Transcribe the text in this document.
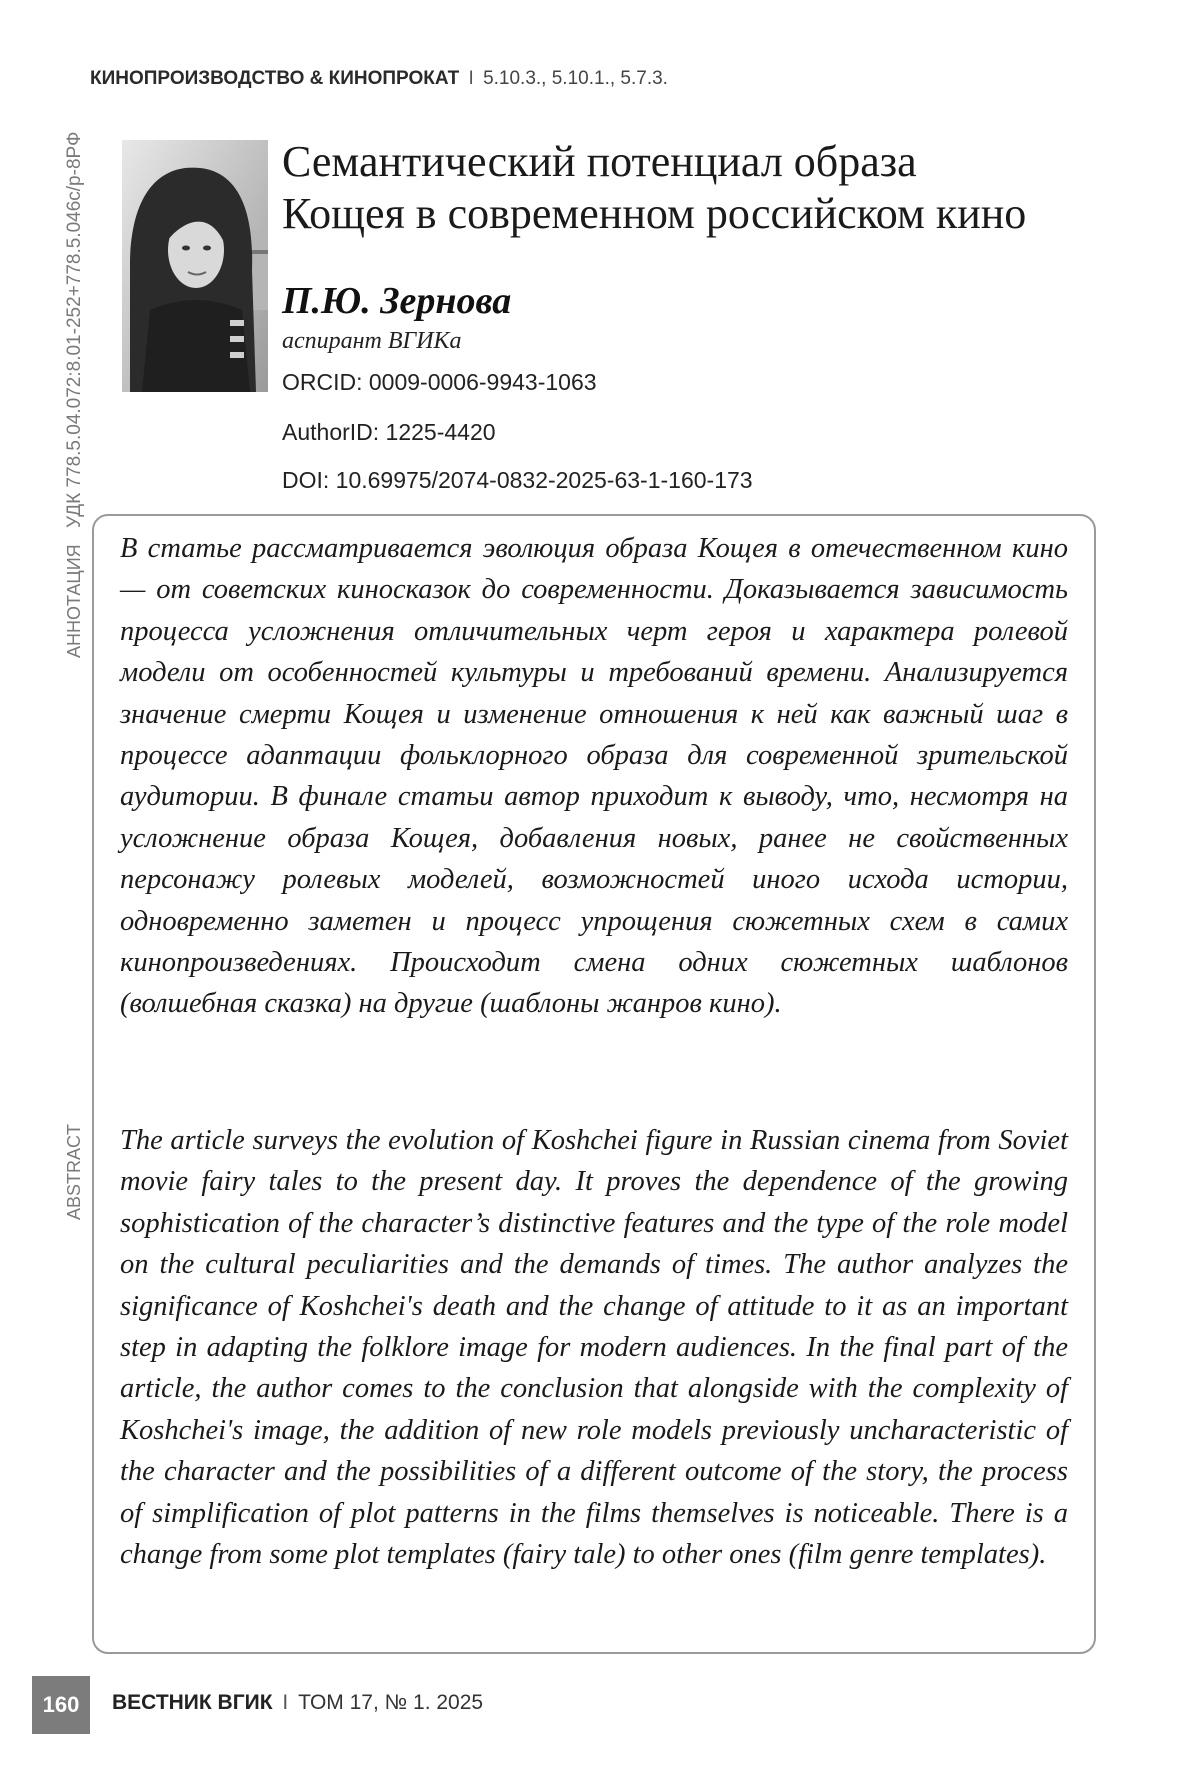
КИНОПРОИЗВОДСТВО & КИНОПРОКАТ I 5.10.3., 5.10.1., 5.7.3.
УДК 778.5.04.072:8.01-252+778.5.046с/р-8РФ
АННОТАЦИЯ
ABSTRACT
Семантический потенциал образа
Кощея в современном российском кино
П.Ю. Зернова
аспирант ВГИКа
ORCID: 0009-0006-9943-1063
AuthorID: 1225-4420
DOI: 10.69975/2074-0832-2025-63-1-160-173

В статье рассматривается эволюция образа Кощея в отечественном кино — от советских киносказок до современности. Доказывается зависимость процесса усложнения отличительных черт героя и характера ролевой модели от особенностей культуры и требований времени. Анализируется значение смерти Кощея и изменение отношения к ней как важный шаг в процессе адаптации фольклорного образа для современной зрительской аудитории. В финале статьи автор приходит к выводу, что, несмотря на усложнение образа Кощея, добавления новых, ранее не свойственных персонажу ролевых моделей, возможностей иного исхода истории, одновременно заметен и процесс упрощения сюжетных схем в самих кинопроизведениях. Происходит смена одних сюжетных шаблонов (волшебная сказка) на другие (шаблоны жанров кино).

The article surveys the evolution of Koshchei figure in Russian cinema from Soviet movie fairy tales to the present day. It proves the dependence of the growing sophistication of the character’s distinctive features and the type of the role model on the cultural peculiarities and the demands of times. The author analyzes the significance of Koshchei's death and the change of attitude to it as an important step in adapting the folklore image for modern audiences. In the final part of the article, the author comes to the conclusion that alongside with the complexity of Koshchei's image, the addition of new role models previously uncharacteristic of the character and the possibilities of a different outcome of the story, the process of simplification of plot patterns in the films themselves is noticeable. There is a change from some plot templates (fairy tale) to other ones (film genre templates).

160	ВЕСТНИК ВГИК I ТОМ 17, № 1. 2025
